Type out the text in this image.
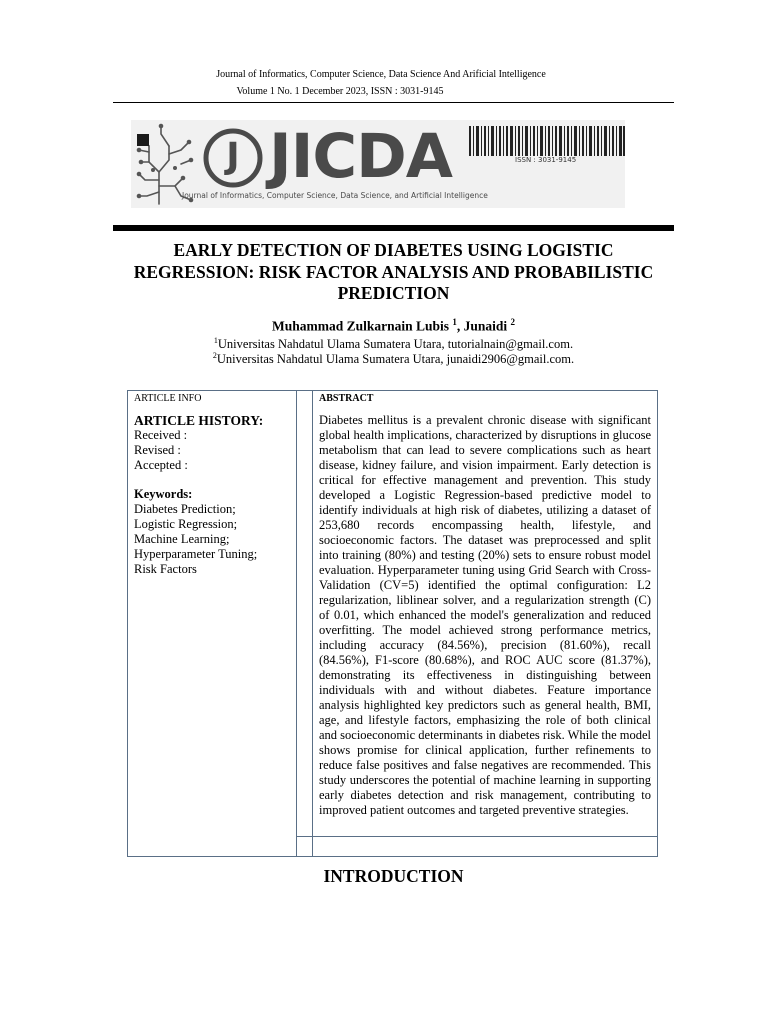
Journal of Informatics, Computer Science, Data Science And Arificial Intelligence
Volume 1 No. 1 December 2023, ISSN : 3031-9145
J JICDA
Journal of Informatics, Computer Science, Data Science, and Artificial Intelligence
ISSN : 3031-9145
EARLY DETECTION OF DIABETES USING LOGISTIC REGRESSION: RISK FACTOR ANALYSIS AND PROBABILISTIC PREDICTION
Muhammad Zulkarnain Lubis $^1$, Junaidi $^2$
$^1$Universitas Nahdatul Ulama Sumatera Utara, tutorialnain@gmail.com.
$^2$Universitas Nahdatul Ulama Sumatera Utara, junaidi2906@gmail.com.
ARTICLE INFO
ARTICLE HISTORY:
Received :
Revised :
Accepted :
Keywords:
Diabetes Prediction;
Logistic Regression;
Machine Learning;
Hyperparameter Tuning;
Risk Factors
ABSTRACT
Diabetes mellitus is a prevalent chronic disease with significant global health implications, characterized by disruptions in glucose metabolism that can lead to severe complications such as heart disease, kidney failure, and vision impairment. Early detection is critical for effective management and prevention. This study developed a Logistic Regression-based predictive model to identify individuals at high risk of diabetes, utilizing a dataset of 253,680 records encompassing health, lifestyle, and socioeconomic factors. The dataset was preprocessed and split into training (80%) and testing (20%) sets to ensure robust model evaluation. Hyperparameter tuning using Grid Search with Cross-Validation (CV=5) identified the optimal configuration: L2 regularization, liblinear solver, and a regularization strength (C) of 0.01, which enhanced the model's generalization and reduced overfitting. The model achieved strong performance metrics, including accuracy (84.56%), precision (81.60%), recall (84.56%), F1-score (80.68%), and ROC AUC score (81.37%), demonstrating its effectiveness in distinguishing between individuals with and without diabetes. Feature importance analysis highlighted key predictors such as general health, BMI, age, and lifestyle factors, emphasizing the role of both clinical and socioeconomic determinants in diabetes risk. While the model shows promise for clinical application, further refinements to reduce false positives and false negatives are recommended. This study underscores the potential of machine learning in supporting early diabetes detection and risk management, contributing to improved patient outcomes and targeted preventive strategies.
INTRODUCTION
